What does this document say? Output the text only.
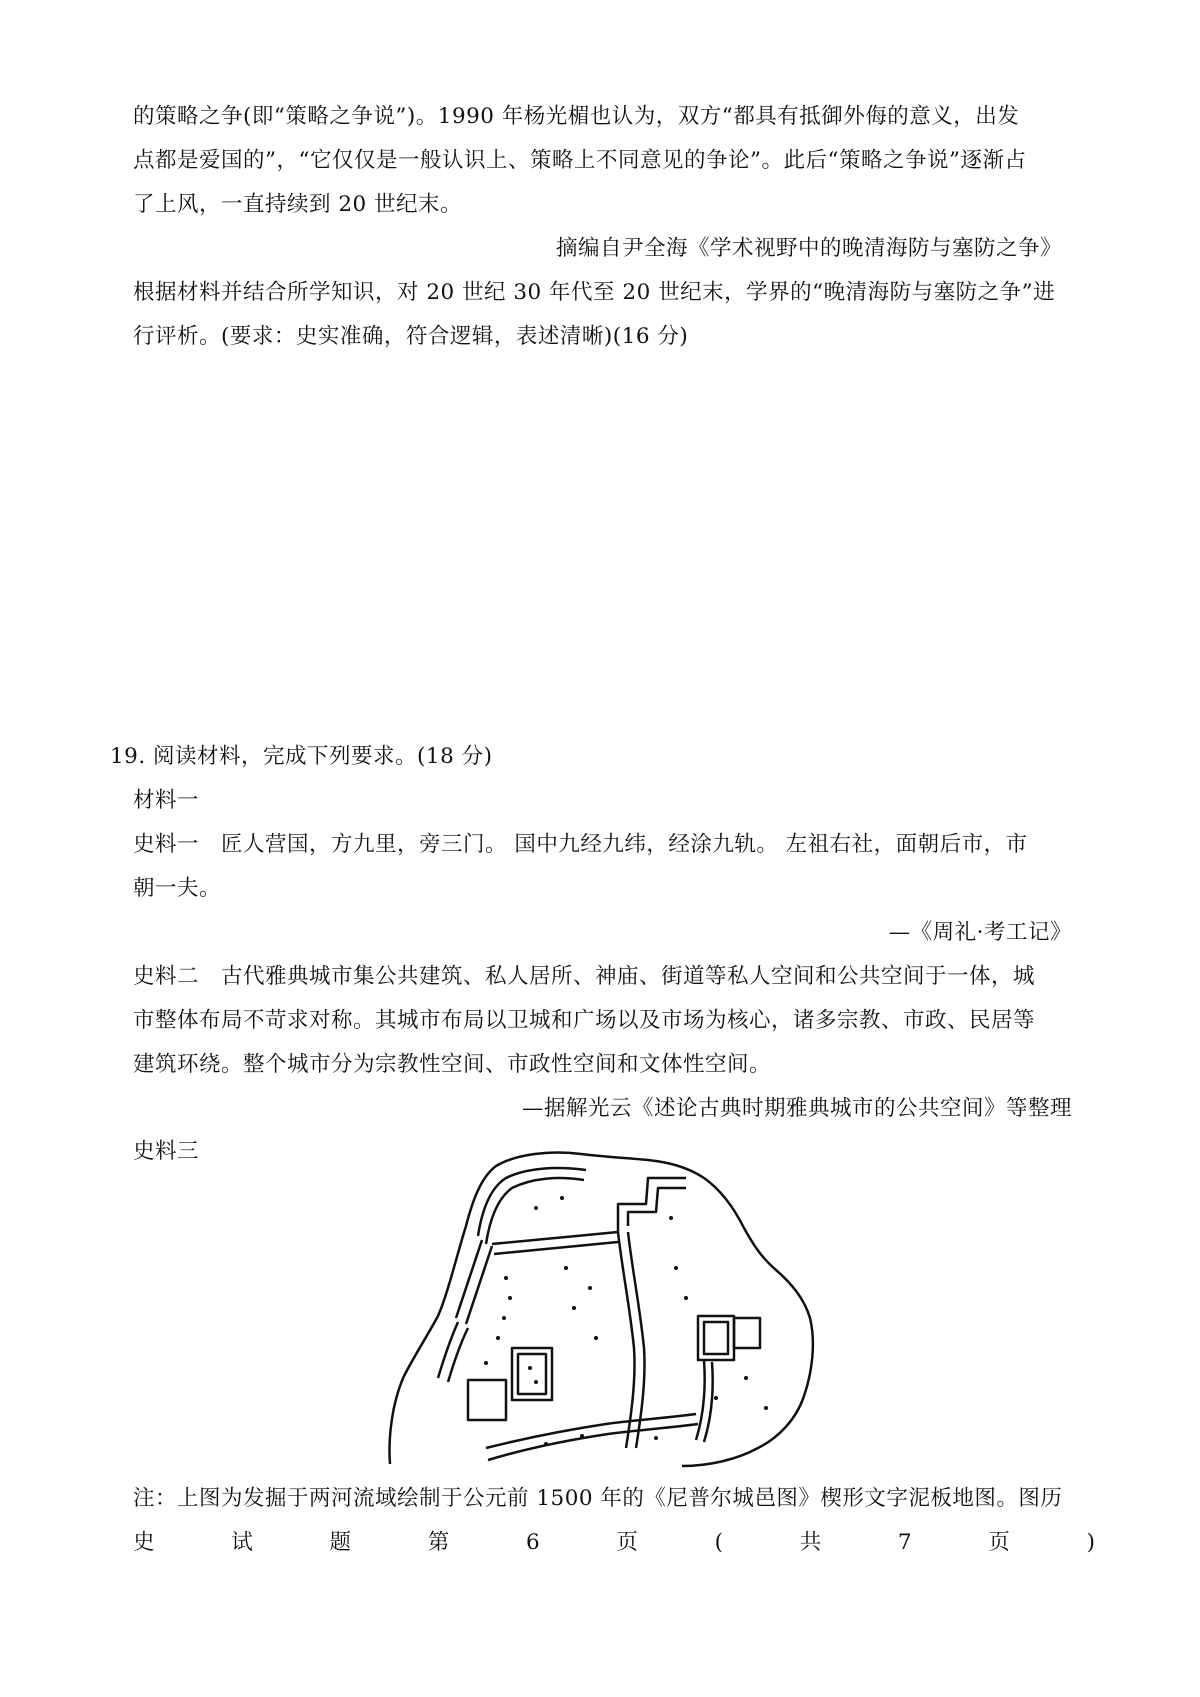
的策略之争(即“策略之争说”)。1990 年杨光楣也认为，双方“都具有抵御外侮的意义，出发
点都是爱国的”，“它仅仅是一般认识上、策略上不同意见的争论”。此后“策略之争说”逐渐占
了上风，一直持续到 20 世纪末。
摘编自尹全海《学术视野中的晚清海防与塞防之争》
根据材料并结合所学知识，对 20 世纪 30 年代至 20 世纪末，学界的“晚清海防与塞防之争”进
行评析。(要求：史实准确，符合逻辑，表述清晰)(16 分)
19. 阅读材料，完成下列要求。(18 分)
材料一
史料一　匠人营国，方九里，旁三门。 国中九经九纬，经涂九轨。 左祖右社，面朝后市，市
朝一夫。
—《周礼·考工记》
史料二　古代雅典城市集公共建筑、私人居所、神庙、街道等私人空间和公共空间于一体，城
市整体布局不苛求对称。其城市布局以卫城和广场以及市场为核心，诸多宗教、市政、民居等
建筑环绕。整个城市分为宗教性空间、市政性空间和文体性空间。
—据解光云《述论古典时期雅典城市的公共空间》等整理
史料三
注：上图为发掘于两河流域绘制于公元前 1500 年的《尼普尔城邑图》楔形文字泥板地图。图历
史	试	题	第	6	页	(	共	7	页	)
